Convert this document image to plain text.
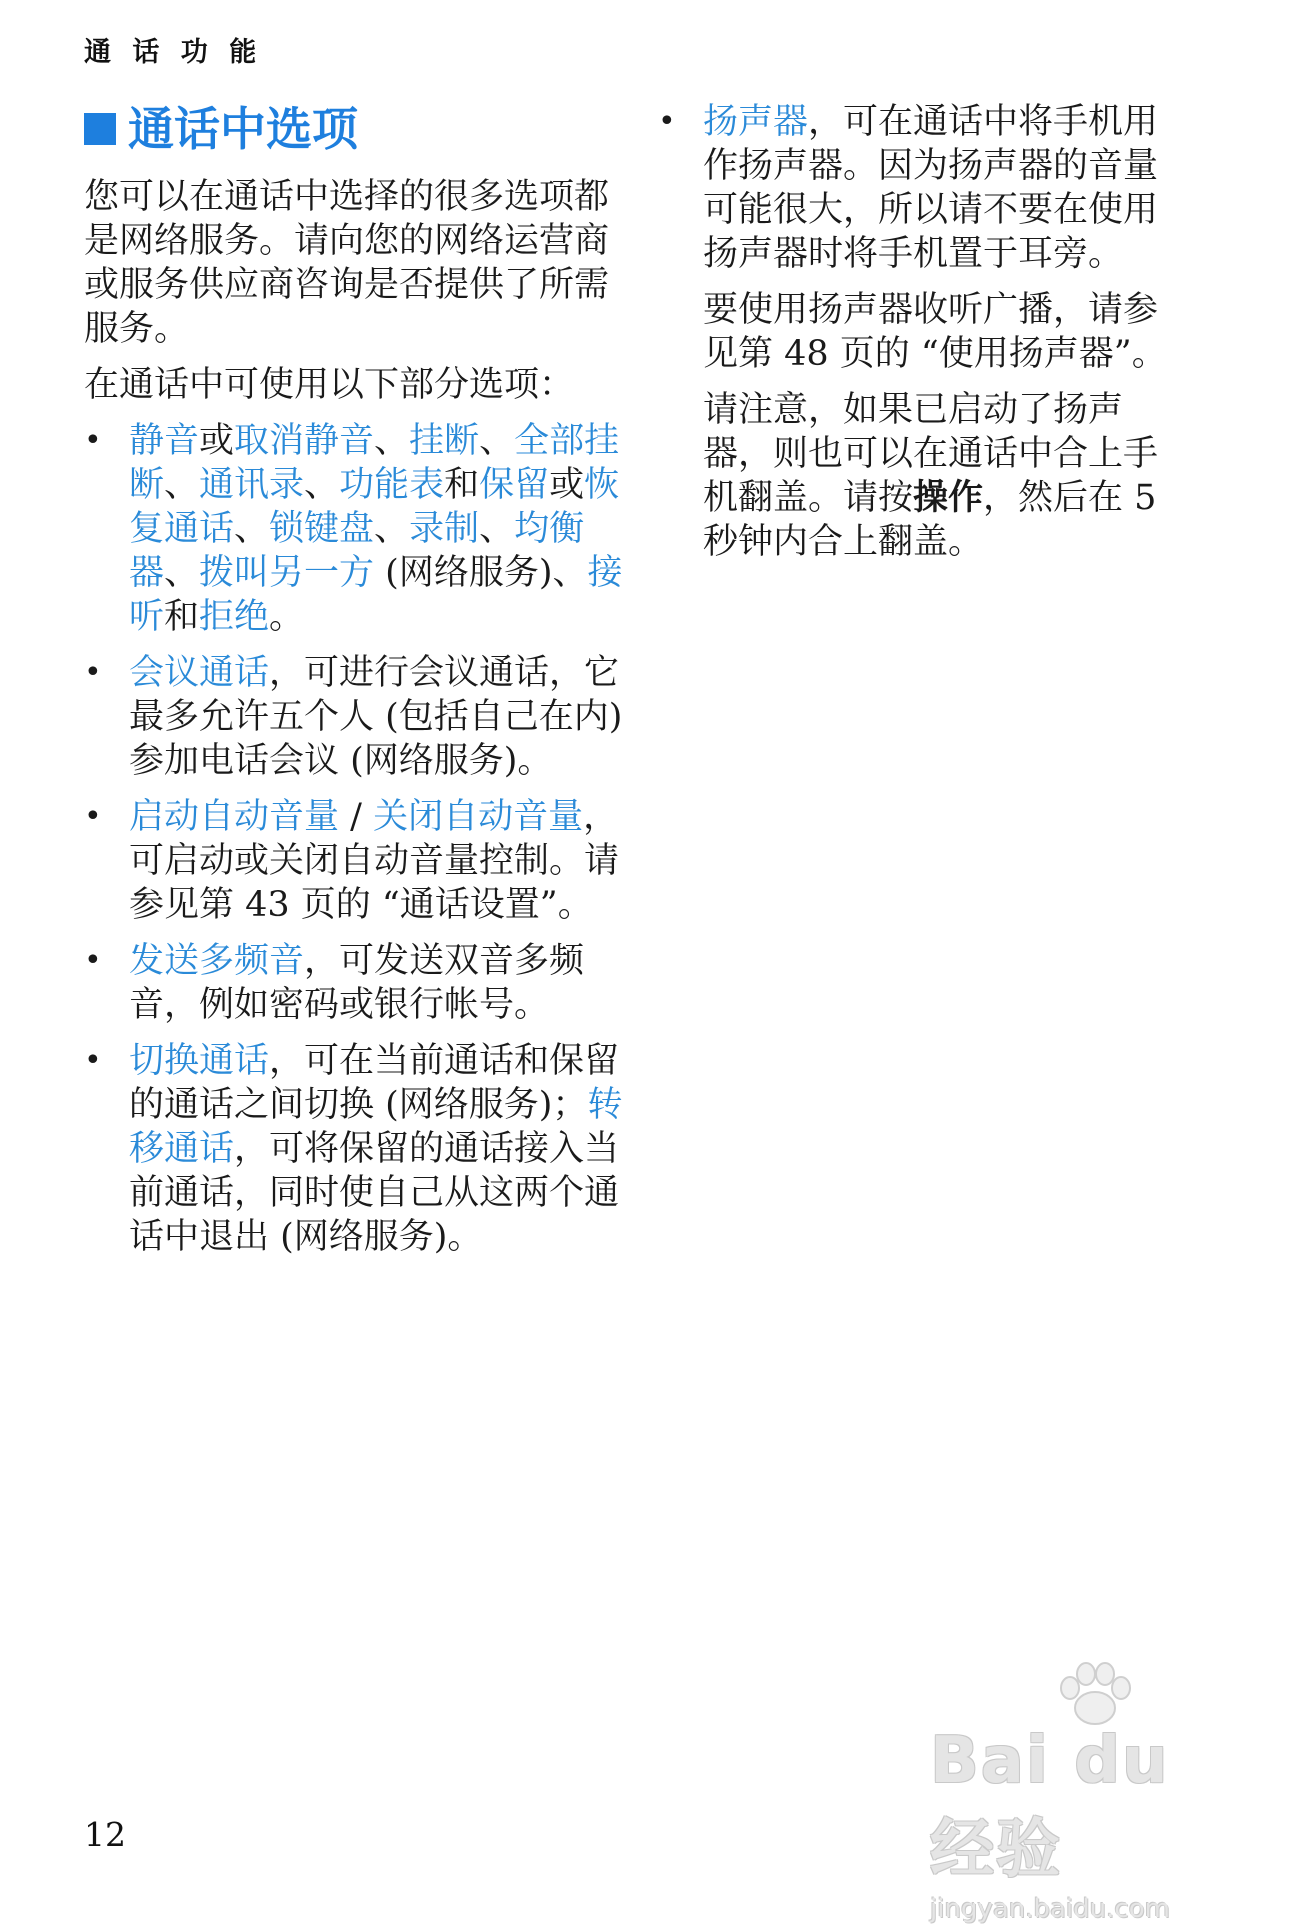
通 话 功 能
通话中选项

您可以在通话中选择的很多选项都是网络服务。请向您的网络运营商或服务供应商咨询是否提供了所需服务。

在通话中可使用以下部分选项：

• 静音或取消静音、挂断、全部挂断、通讯录、功能表和保留或恢复通话、锁键盘、录制、均衡器、拨叫另一方 (网络服务)、接听和拒绝。
• 会议通话，可进行会议通话，它最多允许五个人 (包括自己在内) 参加电话会议 (网络服务)。
• 启动自动音量 / 关闭自动音量，可启动或关闭自动音量控制。请参见第 43 页的 “通话设置”。
• 发送多频音，可发送双音多频音，例如密码或银行帐号。
• 切换通话，可在当前通话和保留的通话之间切换 (网络服务)；转移通话，可将保留的通话接入当前通话，同时使自己从这两个通话中退出 (网络服务)。
• 扬声器，可在通话中将手机用作扬声器。因为扬声器的音量可能很大，所以请不要在使用扬声器时将手机置于耳旁。

要使用扬声器收听广播，请参见第 48 页的 “使用扬声器”。

请注意，如果已启动了扬声器，则也可以在通话中合上手机翻盖。请按操作，然后在 5 秒钟内合上翻盖。

12
Bai du 经验
jingyan.baidu.com
